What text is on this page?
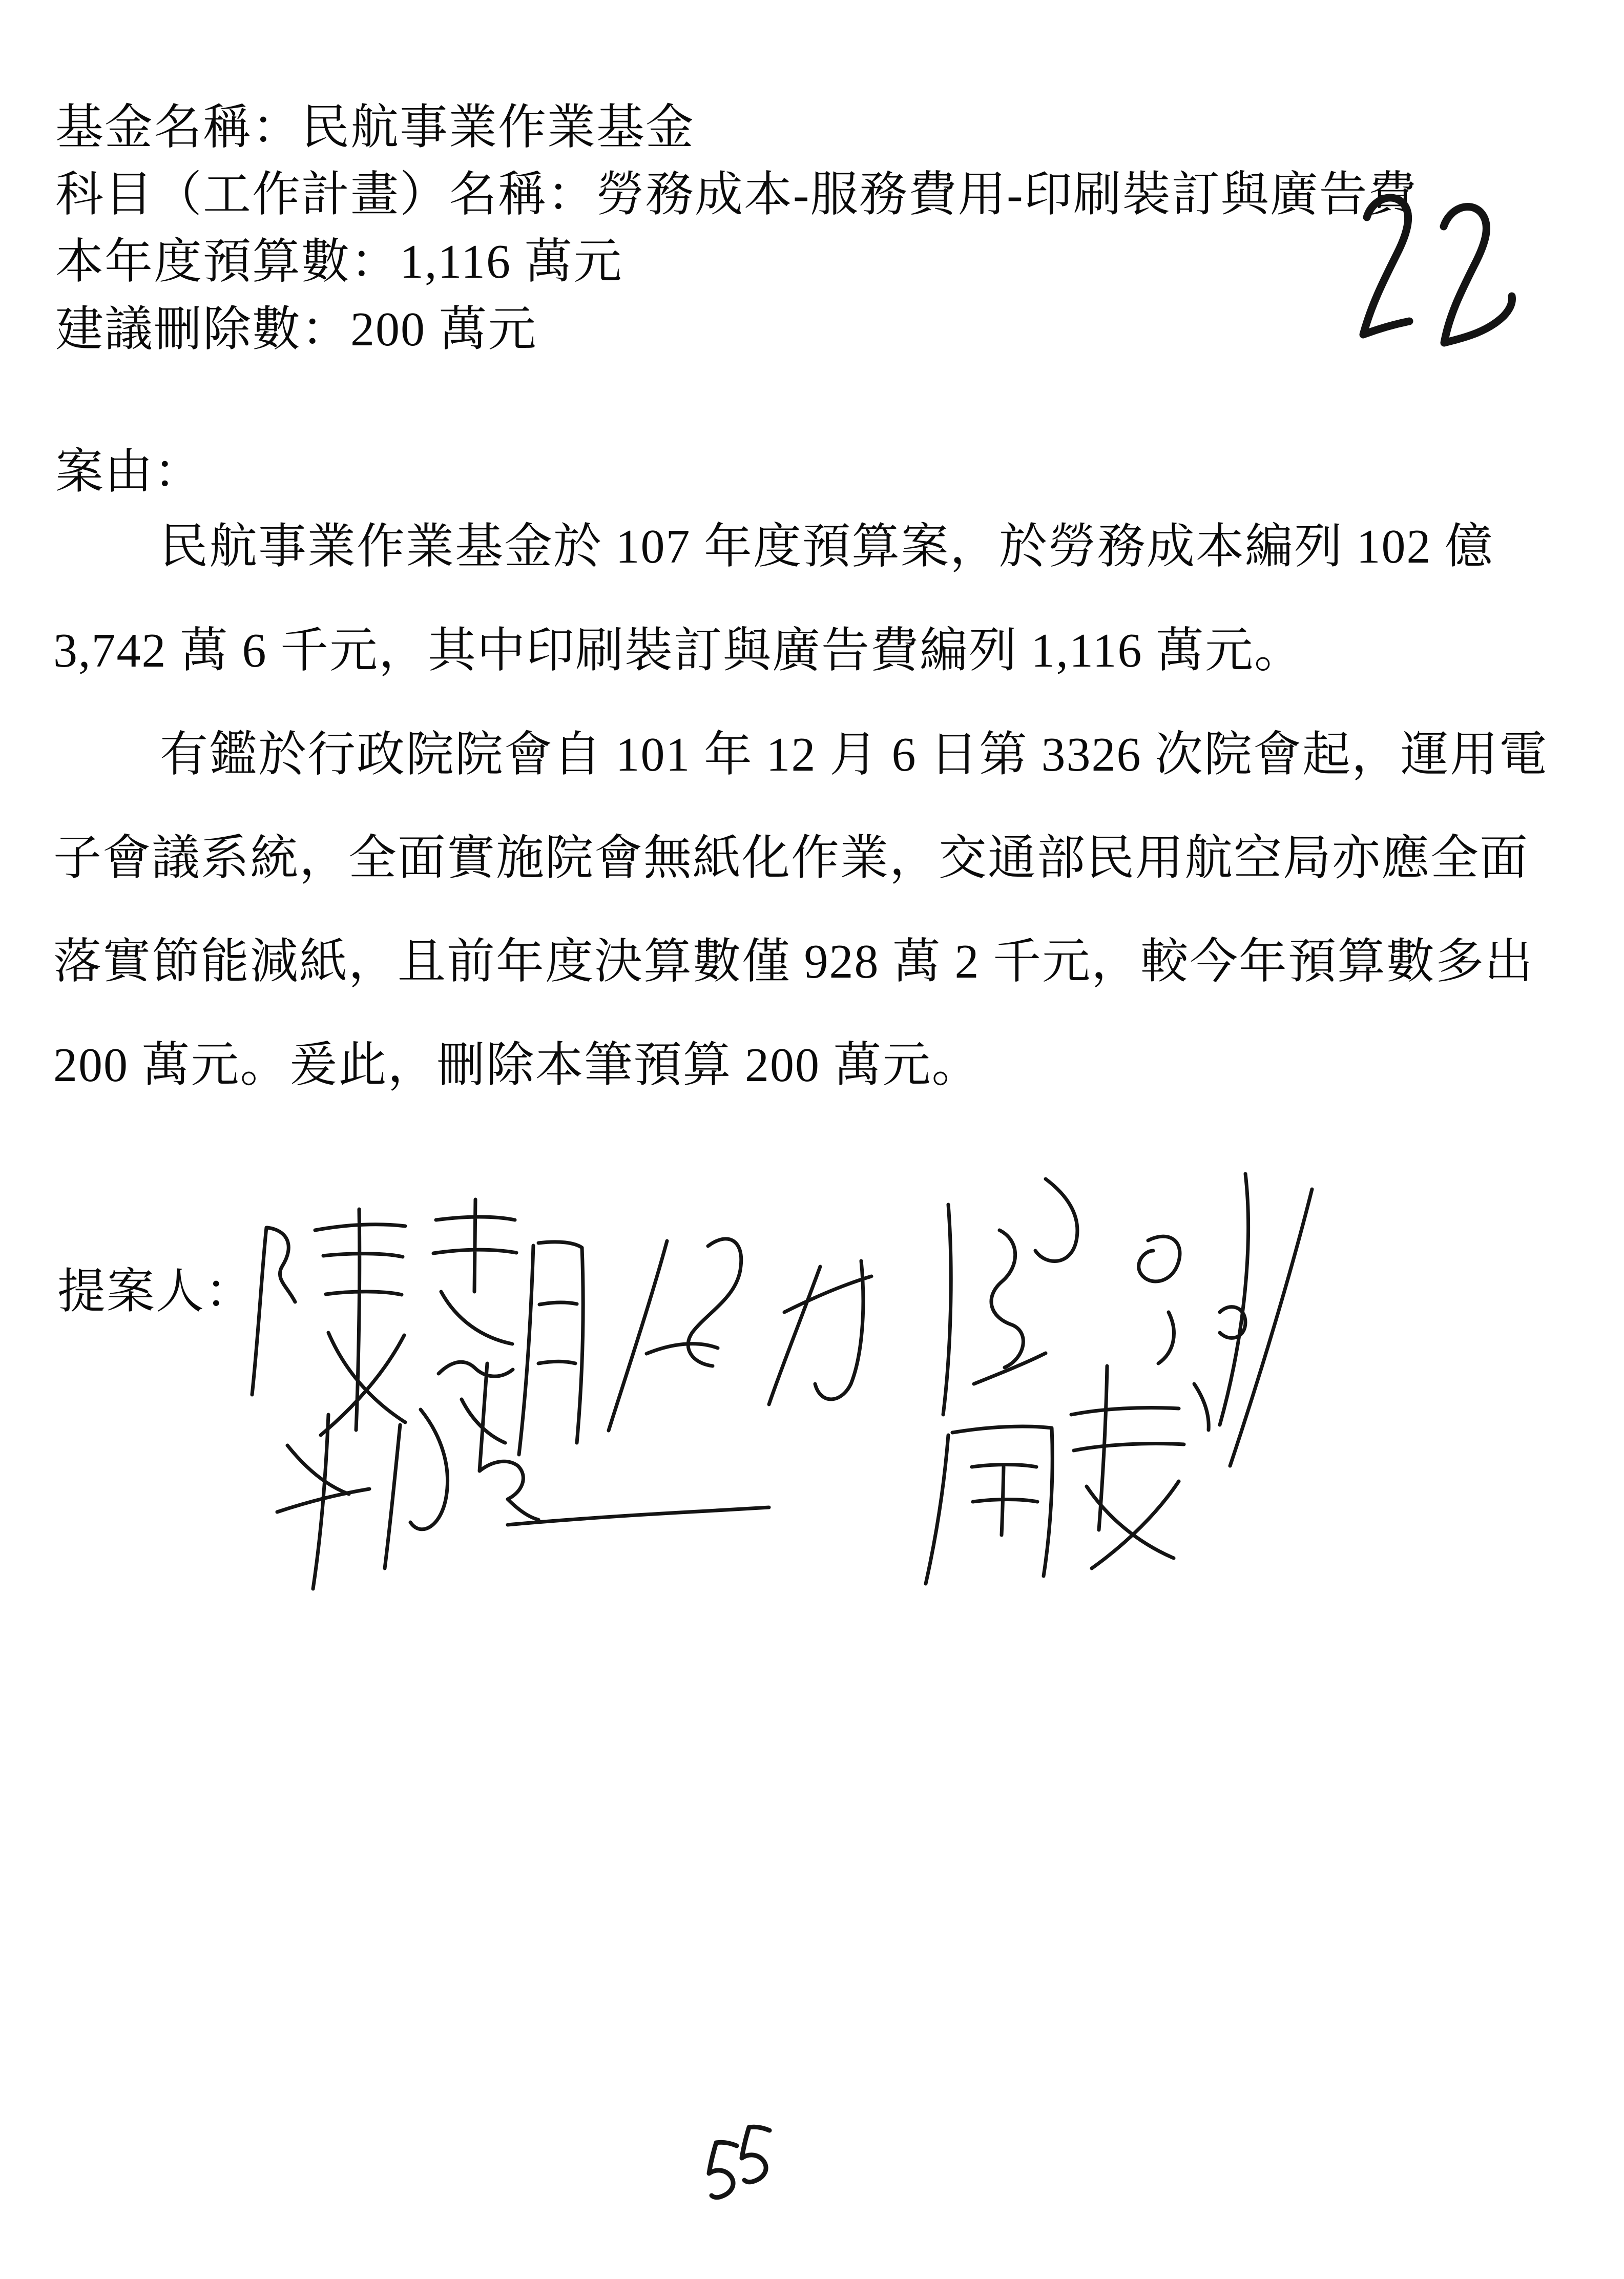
基金名稱：民航事業作業基金
科目（工作計畫）名稱：勞務成本-服務費用-印刷裝訂與廣告費
本年度預算數：1,116 萬元
建議刪除數：200 萬元
案由：
民航事業作業基金於 107 年度預算案，於勞務成本編列 102 億
3,742 萬 6 千元，其中印刷裝訂與廣告費編列 1,116 萬元。
有鑑於行政院院會自 101 年 12 月 6 日第 3326 次院會起，運用電
子會議系統，全面實施院會無紙化作業，交通部民用航空局亦應全面
落實節能減紙，且前年度決算數僅 928 萬 2 千元，較今年預算數多出
200 萬元。爰此，刪除本筆預算 200 萬元。
提案人：
